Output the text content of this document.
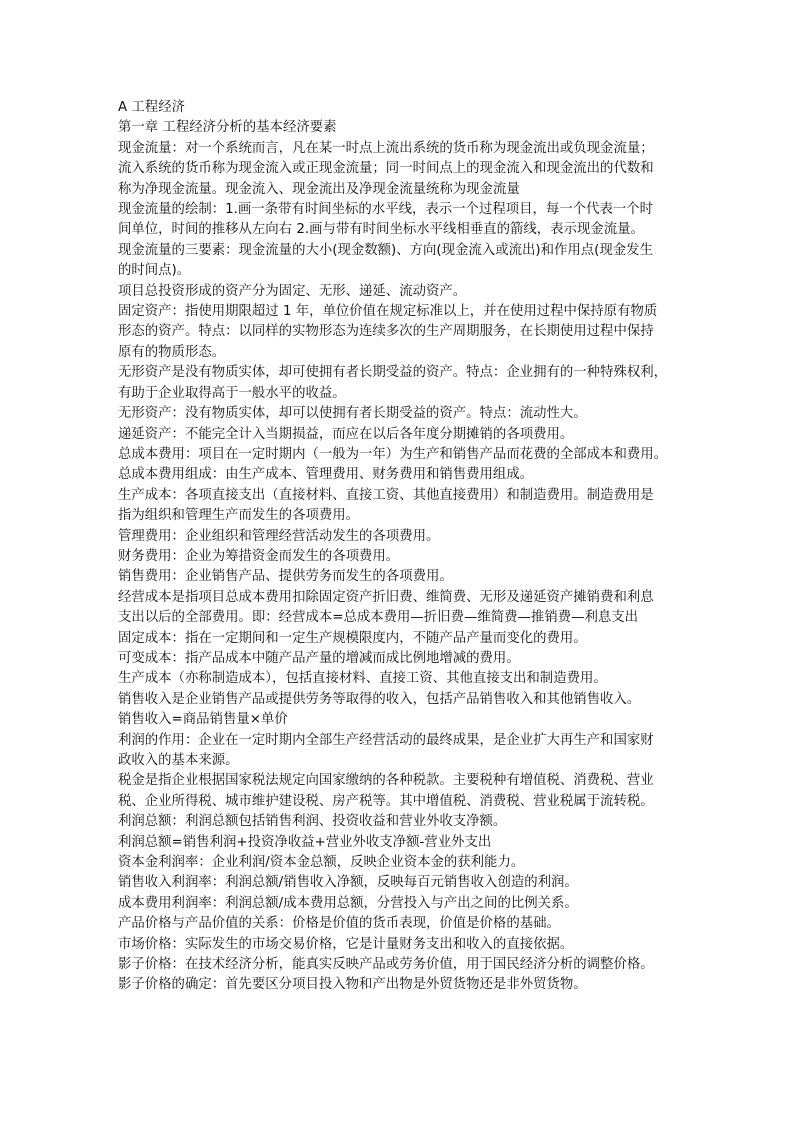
A 工程经济
第一章 工程经济分析的基本经济要素
现金流量：对一个系统而言，凡在某一时点上流出系统的货币称为现金流出或负现金流量；
流入系统的货币称为现金流入或正现金流量；同一时间点上的现金流入和现金流出的代数和
称为净现金流量。现金流入、现金流出及净现金流量统称为现金流量
现金流量的绘制：1.画一条带有时间坐标的水平线，表示一个过程项目，每一个代表一个时
间单位，时间的推移从左向右 2.画与带有时间坐标水平线相垂直的箭线，表示现金流量。
现金流量的三要素：现金流量的大小(现金数额)、方向(现金流入或流出)和作用点(现金发生
的时间点)。
项目总投资形成的资产分为固定、无形、递延、流动资产。
固定资产：指使用期限超过 1 年，单位价值在规定标准以上，并在使用过程中保持原有物质
形态的资产。特点：以同样的实物形态为连续多次的生产周期服务，在长期使用过程中保持
原有的物质形态。
无形资产是没有物质实体，却可使拥有者长期受益的资产。特点：企业拥有的一种特殊权利，
有助于企业取得高于一般水平的收益。
无形资产：没有物质实体，却可以使拥有者长期受益的资产。特点：流动性大。
递延资产：不能完全计入当期损益，而应在以后各年度分期摊销的各项费用。
总成本费用：项目在一定时期内（一般为一年）为生产和销售产品而花费的全部成本和费用。
总成本费用组成：由生产成本、管理费用、财务费用和销售费用组成。
生产成本：各项直接支出（直接材料、直接工资、其他直接费用）和制造费用。制造费用是
指为组织和管理生产而发生的各项费用。
管理费用：企业组织和管理经营活动发生的各项费用。
财务费用：企业为筹措资金而发生的各项费用。
销售费用：企业销售产品、提供劳务而发生的各项费用。
经营成本是指项目总成本费用扣除固定资产折旧费、维简费、无形及递延资产摊销费和利息
支出以后的全部费用。即：经营成本=总成本费用—折旧费—维简费—推销费—利息支出
固定成本：指在一定期间和一定生产规模限度内，不随产品产量而变化的费用。
可变成本：指产品成本中随产品产量的增减而成比例地增减的费用。
生产成本（亦称制造成本），包括直接材料、直接工资、其他直接支出和制造费用。
销售收入是企业销售产品或提供劳务等取得的收入，包括产品销售收入和其他销售收入。
销售收入=商品销售量×单价
利润的作用：企业在一定时期内全部生产经营活动的最终成果，是企业扩大再生产和国家财
政收入的基本来源。
税金是指企业根据国家税法规定向国家缴纳的各种税款。主要税种有增值税、消费税、营业
税、企业所得税、城市维护建设税、房产税等。其中增值税、消费税、营业税属于流转税。
利润总额：利润总额包括销售利润、投资收益和营业外收支净额。
利润总额=销售利润+投资净收益+营业外收支净额-营业外支出
资本金利润率：企业利润/资本金总额，反映企业资本金的获利能力。
销售收入利润率：利润总额/销售收入净额，反映每百元销售收入创造的利润。
成本费用利润率：利润总额/成本费用总额，分营投入与产出之间的比例关系。
产品价格与产品价值的关系：价格是价值的货币表现，价值是价格的基础。
市场价格：实际发生的市场交易价格，它是计量财务支出和收入的直接依据。
影子价格：在技术经济分析，能真实反映产品或劳务价值，用于国民经济分析的调整价格。
影子价格的确定：首先要区分项目投入物和产出物是外贸货物还是非外贸货物。
